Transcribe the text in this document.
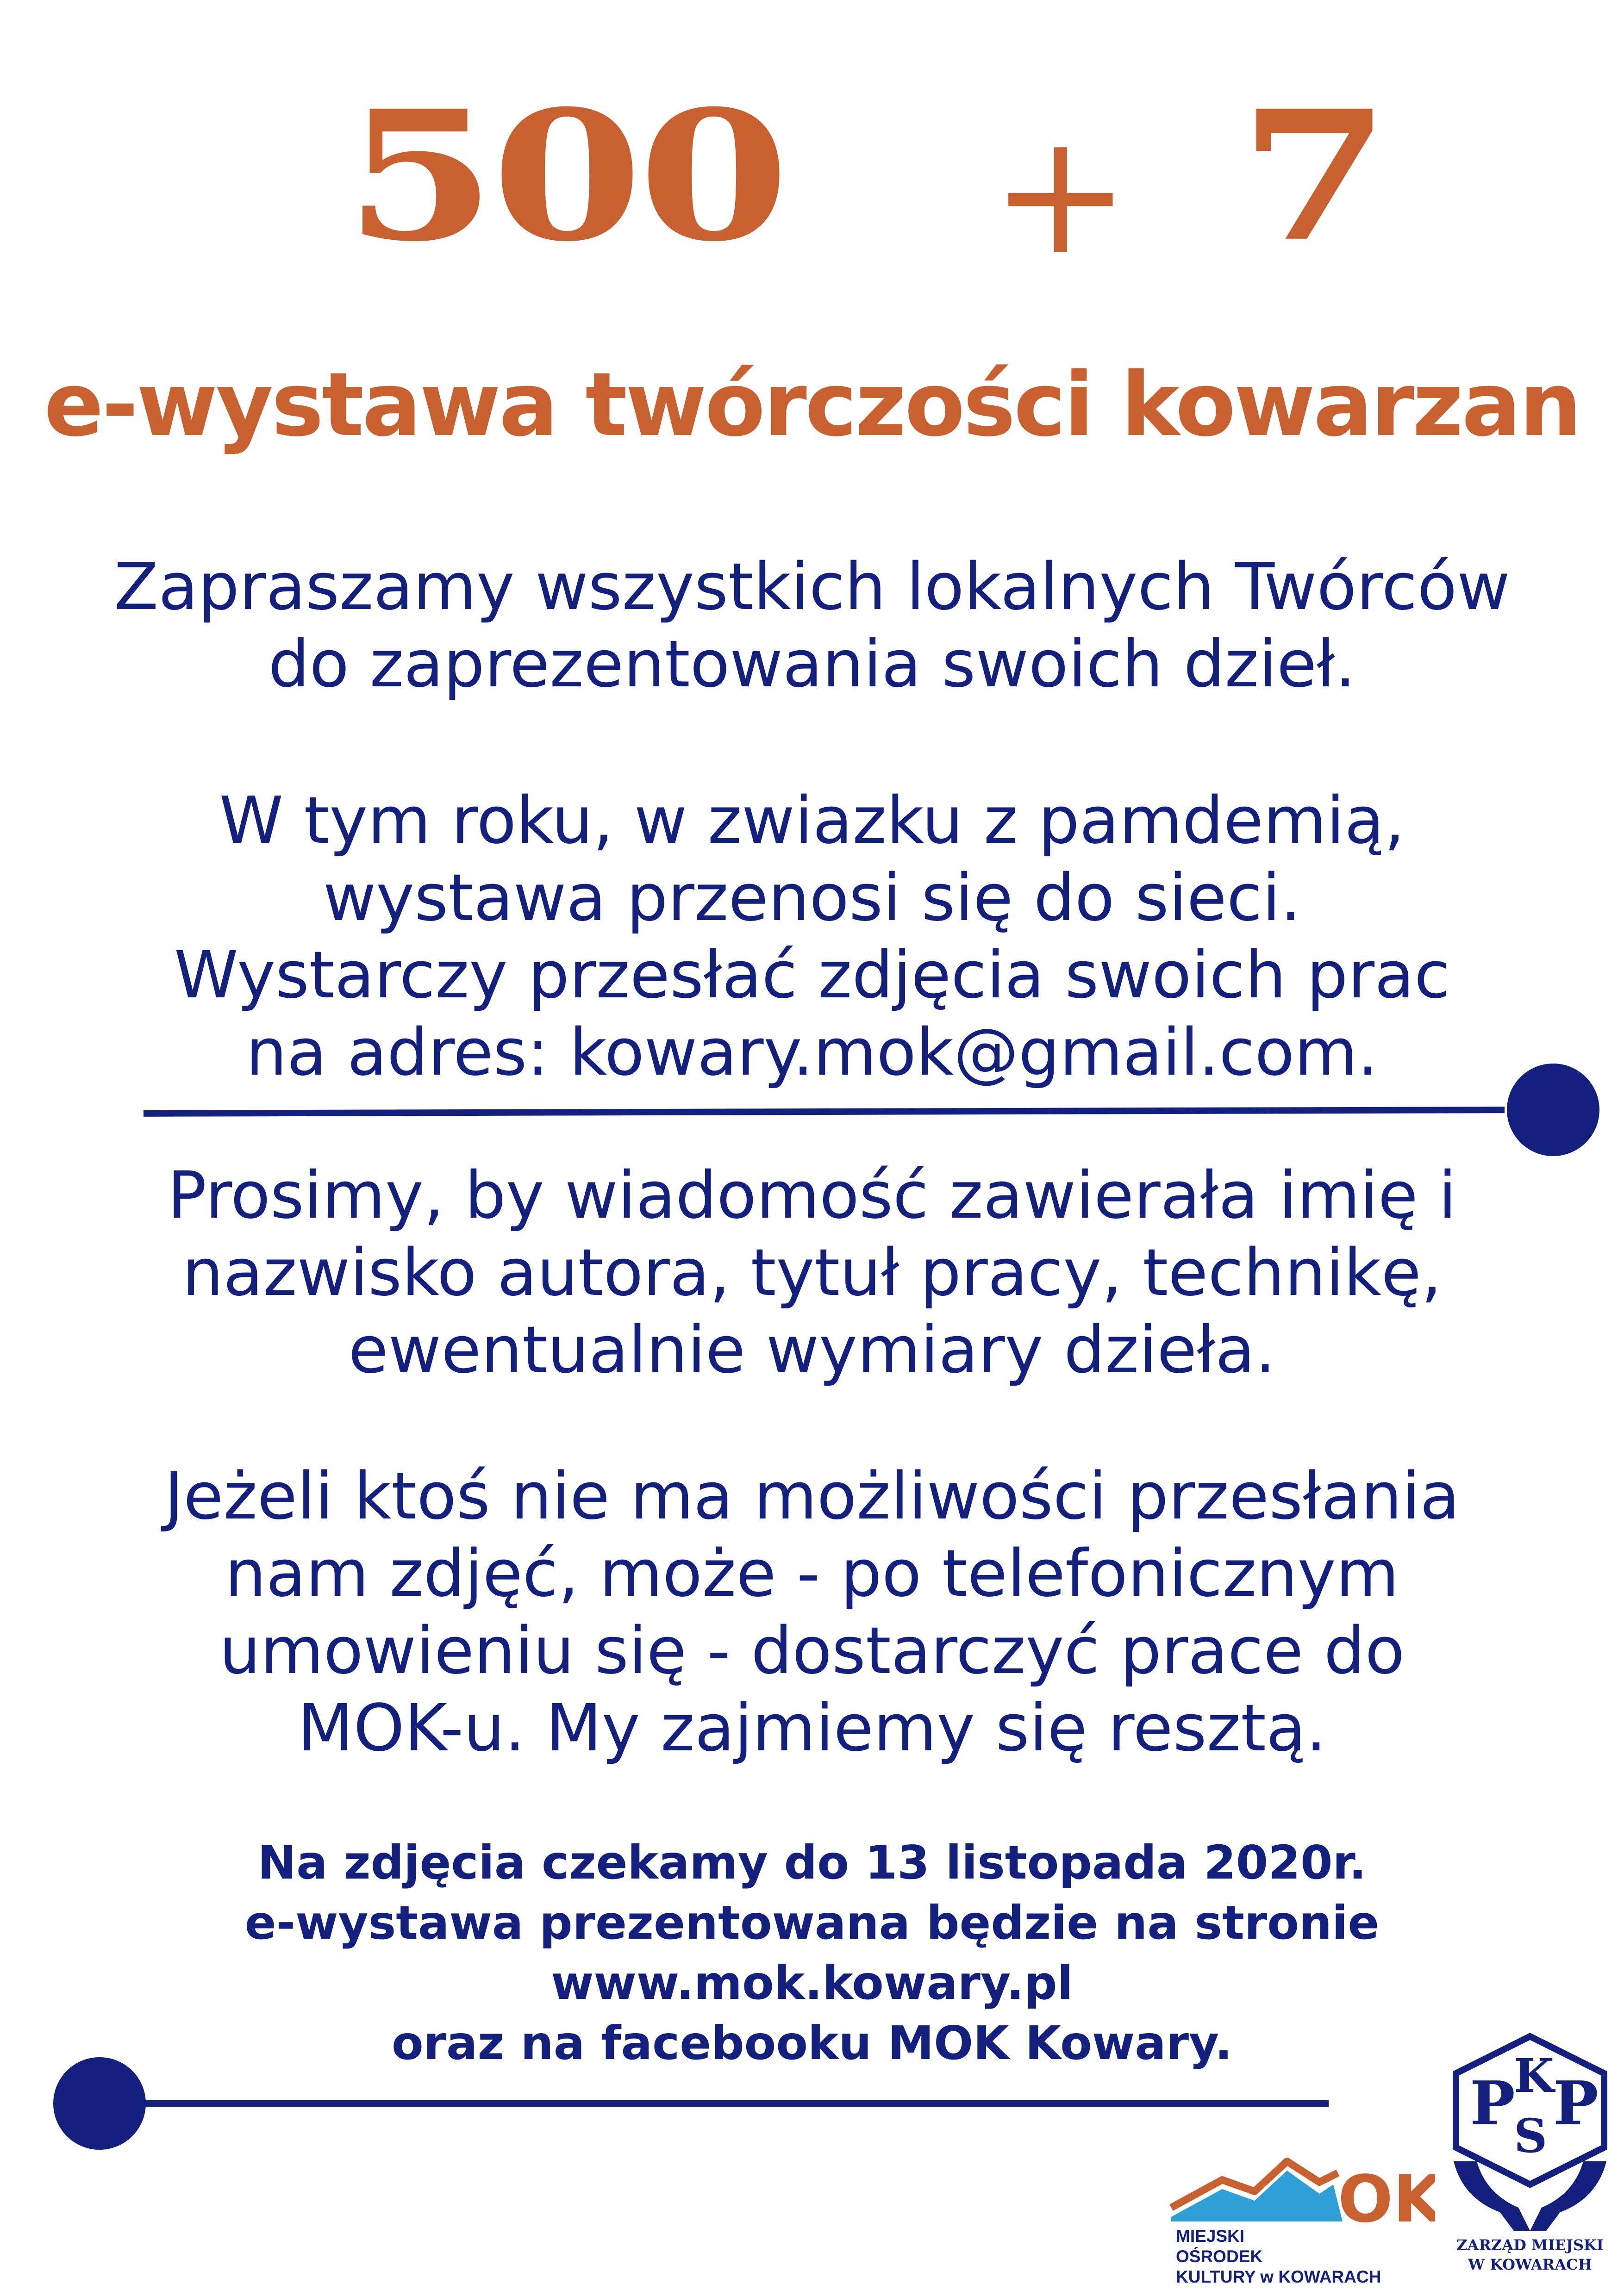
500	+ 7
e-wystawa twórczości kowarzan
Zapraszamy wszystkich lokalnych Twórców
do zaprezentowania swoich dzieł.
W tym roku, w zwiazku z pamdemią,
wystawa przenosi się do sieci.
Wystarczy przesłać zdjęcia swoich prac
na adres: kowary.mok@gmail.com.
Prosimy, by wiadomość zawierała imię i
nazwisko autora, tytuł pracy, technikę,
ewentualnie wymiary dzieła.
Jeżeli ktoś nie ma możliwości przesłania
nam zdjęć, może - po telefonicznym
umowieniu się - dostarczyć prace do
MOK-u. My zajmiemy się resztą.
Na zdjęcia czekamy do 13 listopada 2020r.
e-wystawa prezentowana będzie na stronie
www.mok.kowary.pl
oraz na facebooku MOK Kowary.
OK
MIEJSKI
OŚRODEK
KULTURY w KOWARACH
P
K
S P
ZARZĄD MIEJSKI
W KOWARACH
